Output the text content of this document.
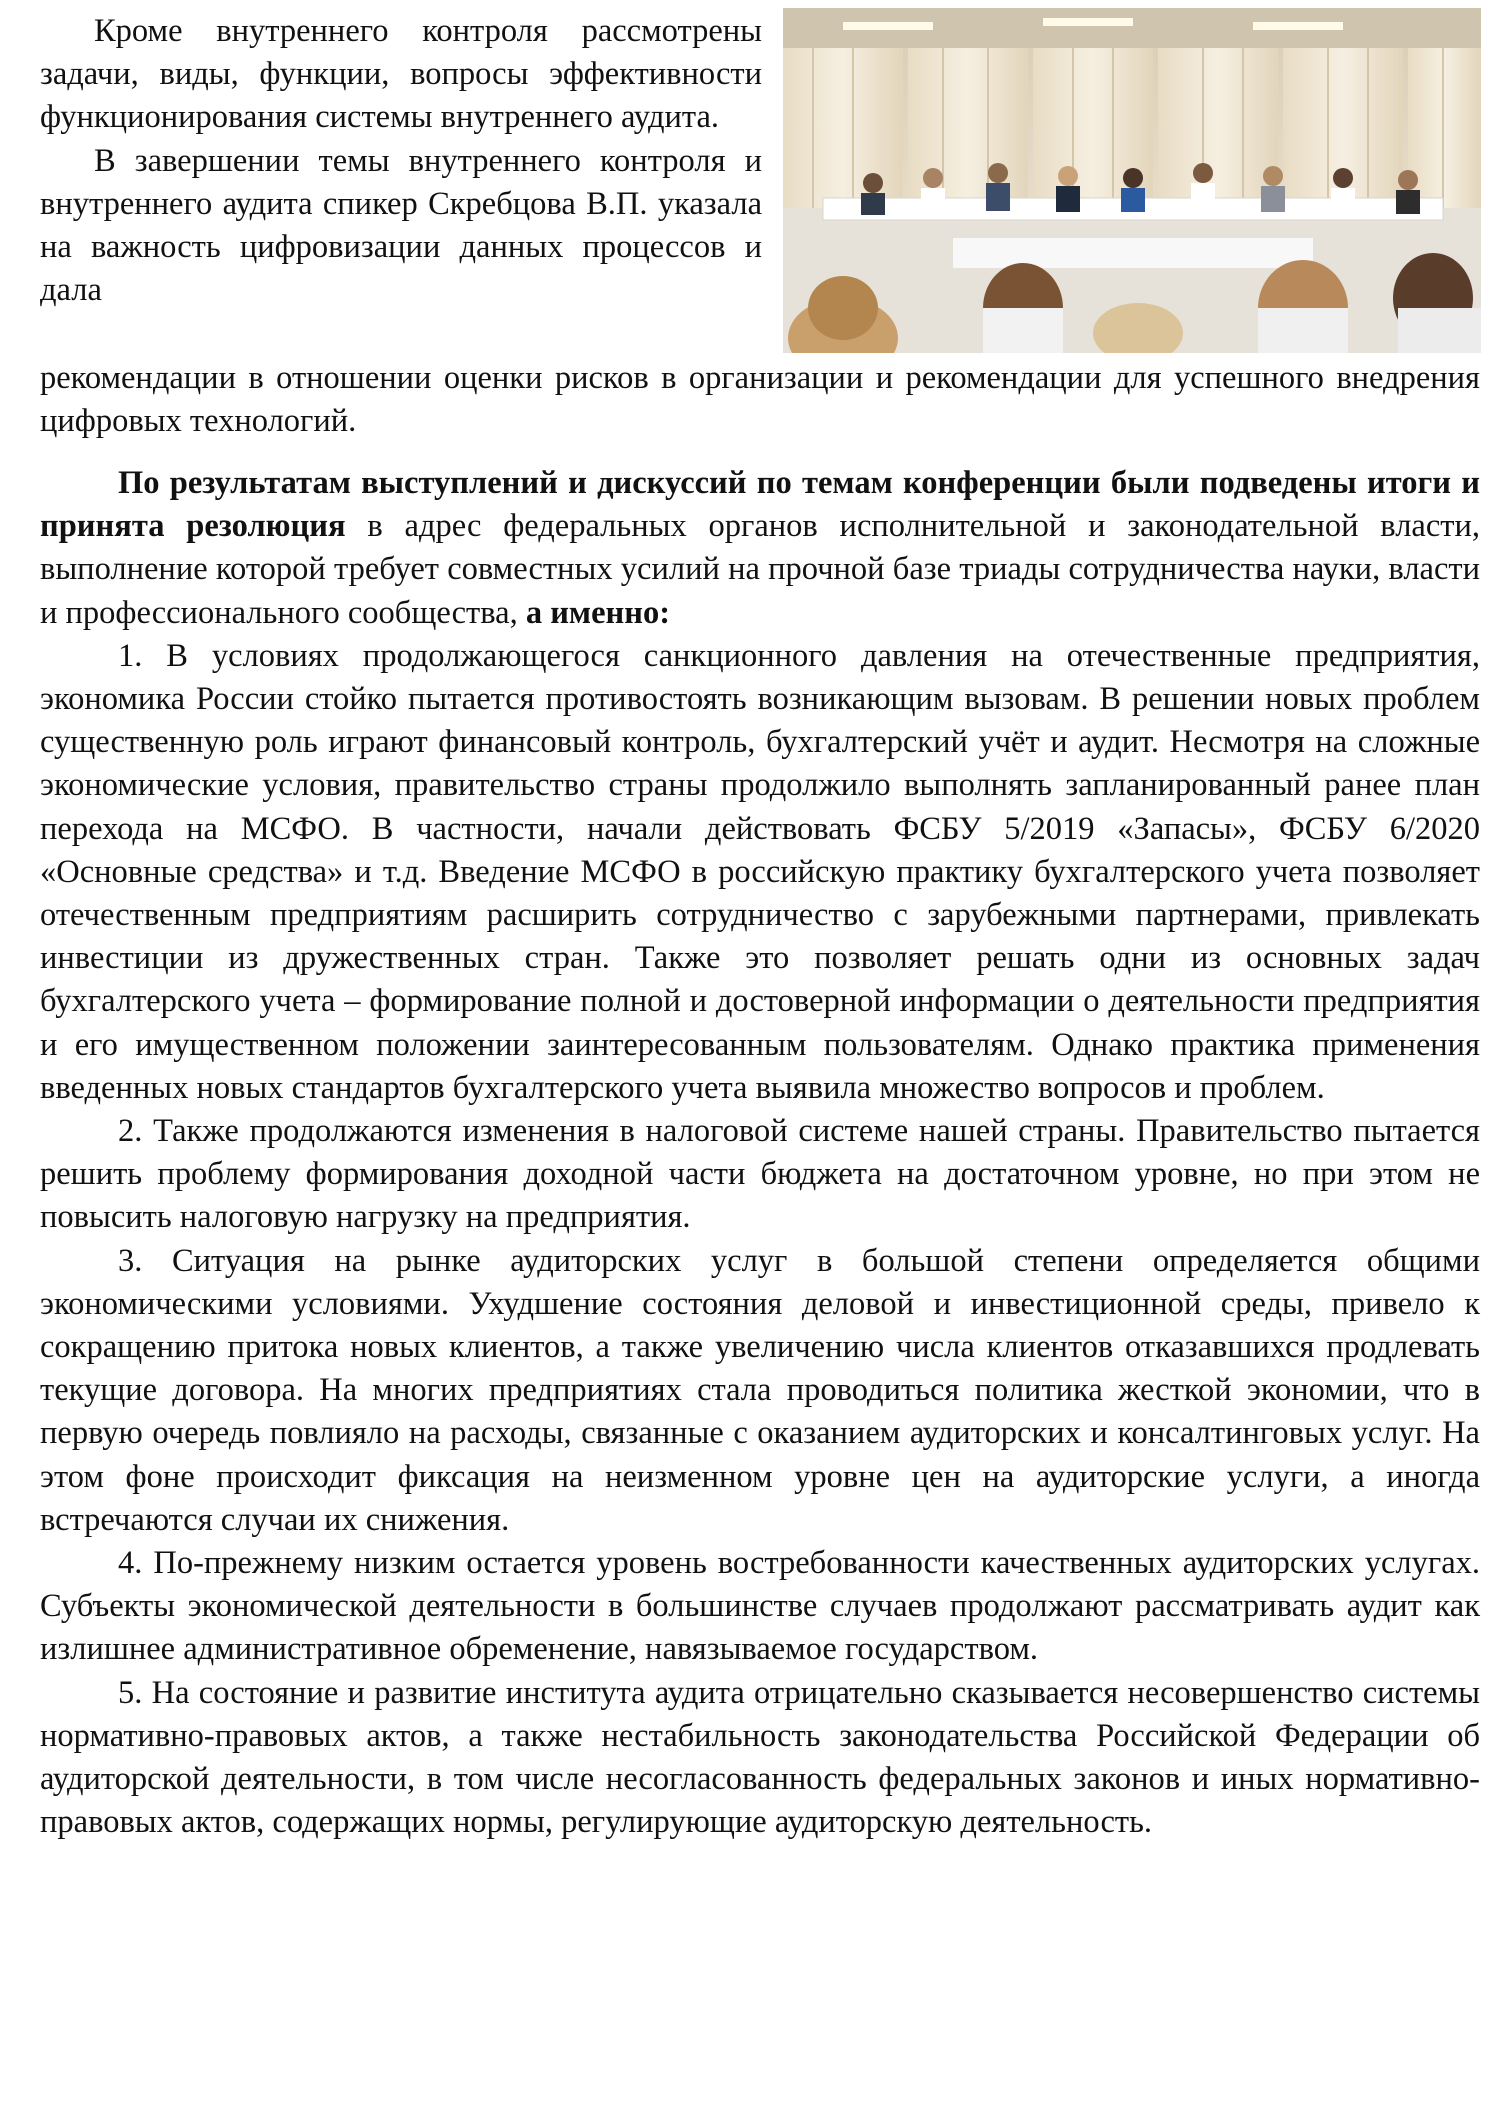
Кроме внутреннего контроля рассмотрены задачи, виды, функции, вопросы эффективности функционирования системы внутреннего аудита.

В завершении темы внутреннего контроля и внутреннего аудита спикер Скребцова В.П. указала на важность цифровизации данных процессов и дала

рекомендации в отношении оценки рисков в организации и рекомендации для успешного внедрения цифровых технологий.

По результатам выступлений и дискуссий по темам конференции были подведены итоги и принята резолюция в адрес федеральных органов исполнительной и законодательной власти, выполнение которой требует совместных усилий на прочной базе триады сотрудничества науки, власти и профессионального сообщества, а именно:

1. В условиях продолжающегося санкционного давления на отечественные предприятия, экономика России стойко пытается противостоять возникающим вызовам. В решении новых проблем существенную роль играют финансовый контроль, бухгалтерский учёт и аудит. Несмотря на сложные экономические условия, правительство страны продолжило выполнять запланированный ранее план перехода на МСФО. В частности, начали действовать ФСБУ 5/2019 «Запасы», ФСБУ 6/2020 «Основные средства» и т.д. Введение МСФО в российскую практику бухгалтерского учета позволяет отечественным предприятиям расширить сотрудничество с зарубежными партнерами, привлекать инвестиции из дружественных стран. Также это позволяет решать одни из основных задач бухгалтерского учета – формирование полной и достоверной информации о деятельности предприятия и его имущественном положении заинтересованным пользователям. Однако практика применения введенных новых стандартов бухгалтерского учета выявила множество вопросов и проблем.

2. Также продолжаются изменения в налоговой системе нашей страны. Правительство пытается решить проблему формирования доходной части бюджета на достаточном уровне, но при этом не повысить налоговую нагрузку на предприятия.

3. Ситуация на рынке аудиторских услуг в большой степени определяется общими экономическими условиями. Ухудшение состояния деловой и инвестиционной среды, привело к сокращению притока новых клиентов, а также увеличению числа клиентов отказавшихся продлевать текущие договора. На многих предприятиях стала проводиться политика жесткой экономии, что в первую очередь повлияло на расходы, связанные с оказанием аудиторских и консалтинговых услуг. На этом фоне происходит фиксация на неизменном уровне цен на аудиторские услуги, а иногда встречаются случаи их снижения.

4. По-прежнему низким остается уровень востребованности качественных аудиторских услугах. Субъекты экономической деятельности в большинстве случаев продолжают рассматривать аудит как излишнее административное обременение, навязываемое государством.

5. На состояние и развитие института аудита отрицательно сказывается несовершенство системы нормативно-правовых актов, а также нестабильность законодательства Российской Федерации об аудиторской деятельности, в том числе несогласованность федеральных законов и иных нормативно-правовых актов, содержащих нормы, регулирующие аудиторскую деятельность.
